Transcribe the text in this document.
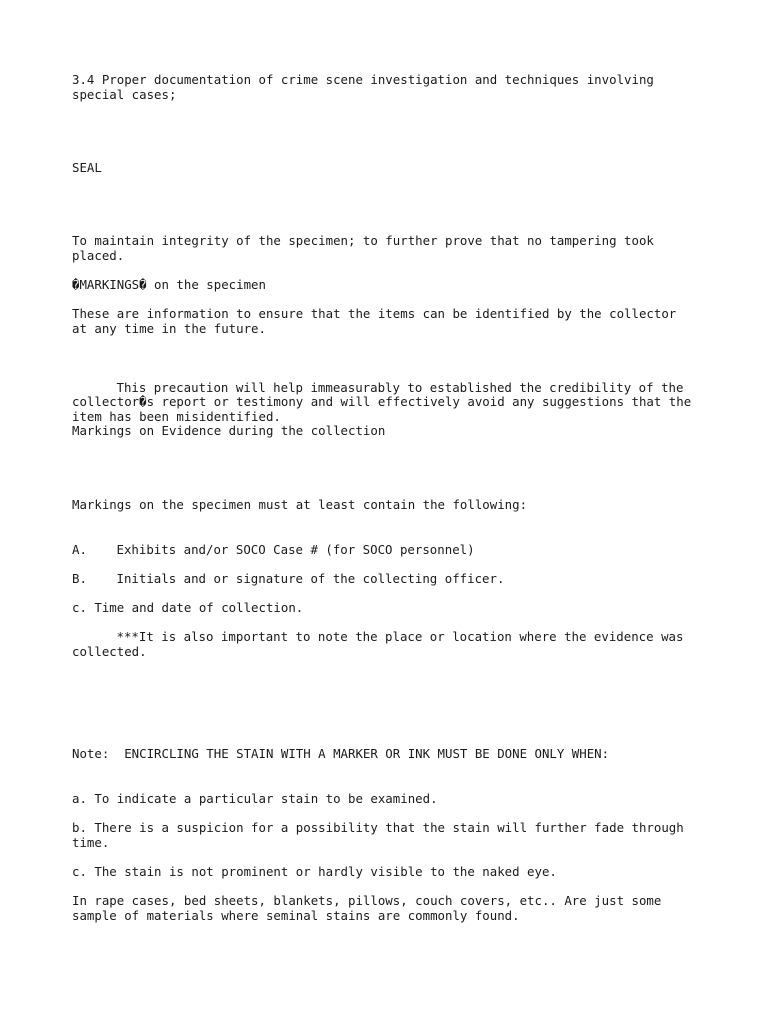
3.4 Proper documentation of crime scene investigation and techniques involving

special cases;

SEAL

To maintain integrity of the specimen; to further prove that no tampering took

placed.

�MARKINGS� on the specimen

These are information to ensure that the items can be identified by the collector

at any time in the future.

This precaution will help immeasurably to established the credibility of the

collector�s report or testimony and will effectively avoid any suggestions that the

item has been misidentified.

Markings on Evidence during the collection

Markings on the specimen must at least contain the following:

A. Exhibits and/or SOCO Case # (for SOCO personnel)

B. Initials and or signature of the collecting officer.

c. Time and date of collection.

***It is also important to note the place or location where the evidence was

collected.

Note:  ENCIRCLING THE STAIN WITH A MARKER OR INK MUST BE DONE ONLY WHEN:

a. To indicate a particular stain to be examined.

b. There is a suspicion for a possibility that the stain will further fade through

time.

c. The stain is not prominent or hardly visible to the naked eye.

In rape cases, bed sheets, blankets, pillows, couch covers, etc.. Are just some

sample of materials where seminal stains are commonly found.
